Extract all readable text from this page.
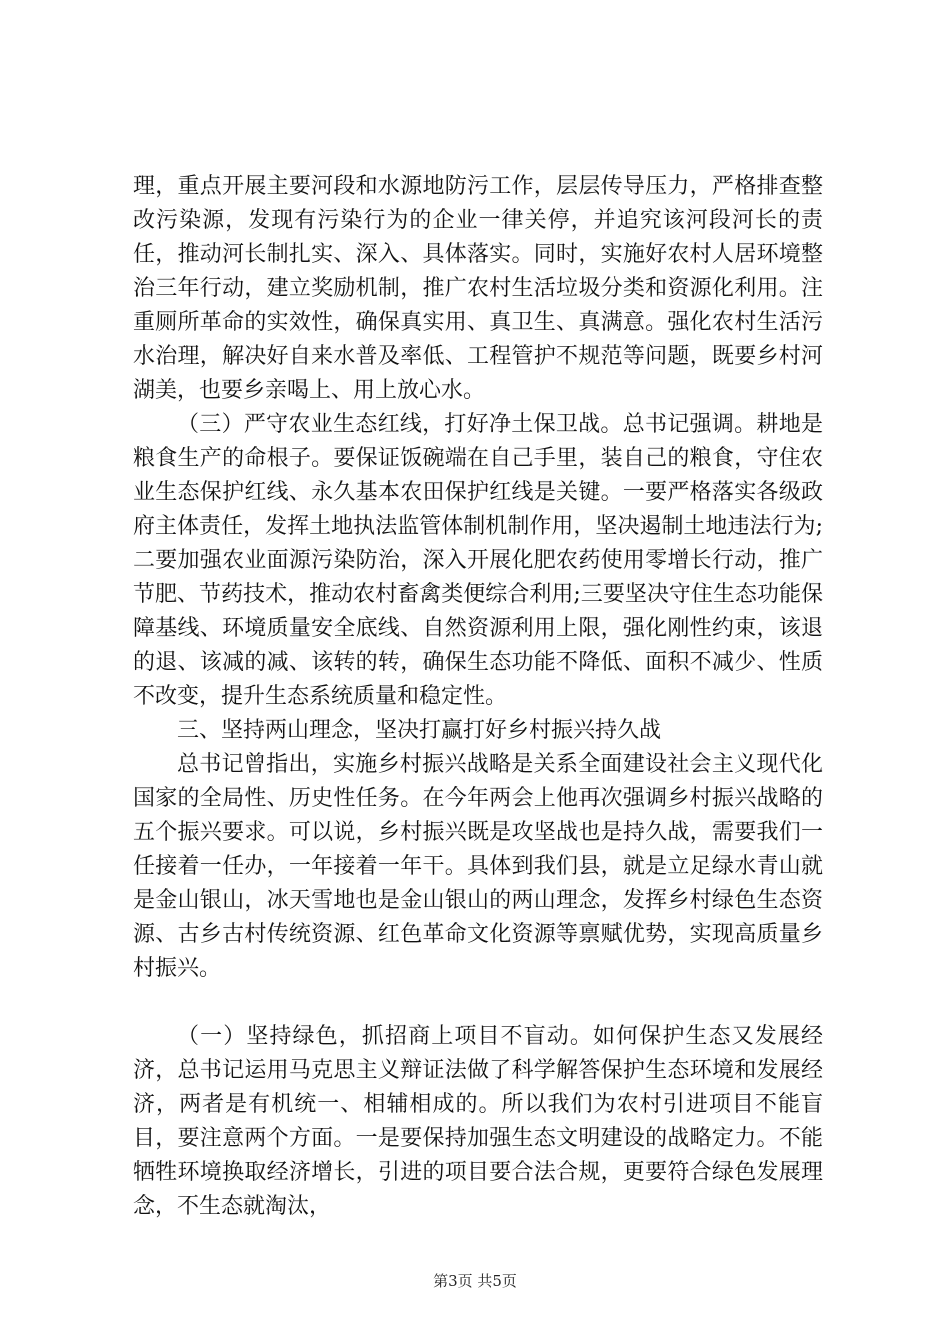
理，重点开展主要河段和水源地防污工作，层层传导压力，严格排查整改污染源，发现有污染行为的企业一律关停，并追究该河段河长的责任，推动河长制扎实、深入、具体落实。同时，实施好农村人居环境整治三年行动，建立奖励机制，推广农村生活垃圾分类和资源化利用。注重厕所革命的实效性，确保真实用、真卫生、真满意。强化农村生活污水治理，解决好自来水普及率低、工程管护不规范等问题，既要乡村河湖美，也要乡亲喝上、用上放心水。

（三）严守农业生态红线，打好净土保卫战。总书记强调。耕地是粮食生产的命根子。要保证饭碗端在自己手里，装自己的粮食，守住农业生态保护红线、永久基本农田保护红线是关键。一要严格落实各级政府主体责任，发挥土地执法监管体制机制作用，坚决遏制土地违法行为;二要加强农业面源污染防治，深入开展化肥农药使用零增长行动，推广节肥、节药技术，推动农村畜禽类便综合利用;三要坚决守住生态功能保障基线、环境质量安全底线、自然资源利用上限，强化刚性约束，该退的退、该减的减、该转的转，确保生态功能不降低、面积不减少、性质不改变，提升生态系统质量和稳定性。

三、坚持两山理念，坚决打赢打好乡村振兴持久战

总书记曾指出，实施乡村振兴战略是关系全面建设社会主义现代化国家的全局性、历史性任务。在今年两会上他再次强调乡村振兴战略的五个振兴要求。可以说，乡村振兴既是攻坚战也是持久战，需要我们一任接着一任办，一年接着一年干。具体到我们县，就是立足绿水青山就是金山银山，冰天雪地也是金山银山的两山理念，发挥乡村绿色生态资源、古乡古村传统资源、红色革命文化资源等禀赋优势，实现高质量乡村振兴。

（一）坚持绿色，抓招商上项目不盲动。如何保护生态又发展经济，总书记运用马克思主义辩证法做了科学解答保护生态环境和发展经济，两者是有机统一、相辅相成的。所以我们为农村引进项目不能盲目，要注意两个方面。一是要保持加强生态文明建设的战略定力。不能牺牲环境换取经济增长，引进的项目要合法合规，更要符合绿色发展理念，不生态就淘汰，

第3页 共5页
